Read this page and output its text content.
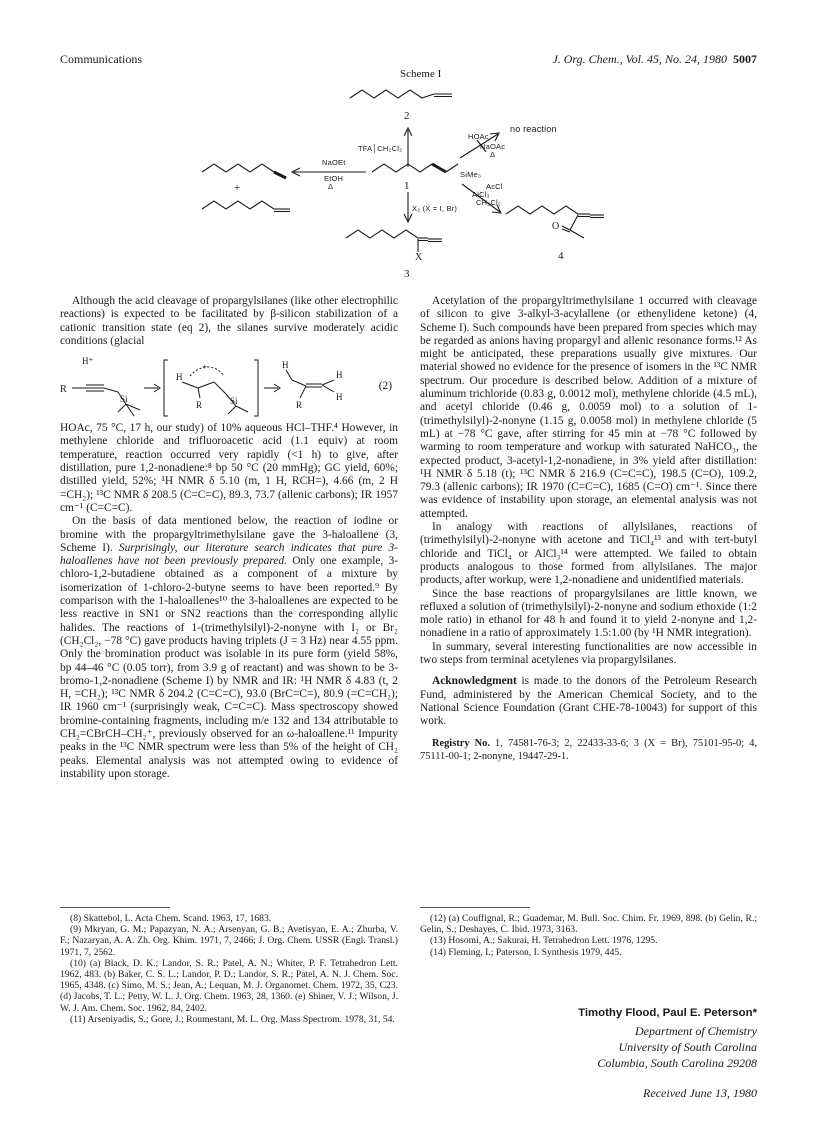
Communications	J. Org. Chem., Vol. 45, No. 24, 1980 5007
Scheme I
2
TFA│CH₂Cl₂
SiMe₃
NaOEt
EtOH
Δ
+	1
HOAc
NaOAc
Δ
no reaction
AcCl
AlCl₃
CH₂Cl₂
X₂ (X = I, Br)
X
O
3
4

Although the acid cleavage of propargylsilanes (like other electrophilic reactions) is expected to be facilitated by β-silicon stabilization of a cationic transition state (eq 2), the silanes survive moderately acidic conditions (glacial

H⁺
R
Si
H
+
R	Si
H
H
H
R
(2)

HOAc, 75 °C, 17 h, our study) of 10% aqueous HCl–THF.⁴ However, in methylene chloride and trifluoroacetic acid (1.1 equiv) at room temperature, reaction occurred very rapidly (<1 h) to give, after distillation, pure 1,2-nonadiene:⁸ bp 50 °C (20 mmHg); GC yield, 60%; distilled yield, 52%; ¹H NMR δ 5.10 (m, 1 H, RCH=), 4.66 (m, 2 H =CH₂); ¹³C NMR δ 208.5 (C=C=C), 89.3, 73.7 (allenic carbons); IR 1957 cm⁻¹ (C=C=C).

On the basis of data mentioned below, the reaction of iodine or bromine with the propargyltrimethylsilane gave the 3-haloallene (3, Scheme I). Surprisingly, our literature search indicates that pure 3-haloallenes have not been previously prepared. Only one example, 3-chloro-1,2-butadiene obtained as a component of a mixture by isomerization of 1-chloro-2-butyne seems to have been reported.⁹ By comparison with the 1-haloallenes¹⁰ the 3-haloallenes are expected to be less reactive in SN1 or SN2 reactions than the corresponding allylic halides. The reactions of 1-(trimethylsilyl)-2-nonyne with I₂ or Br₂ (CH₂Cl₂, −78 °C) gave products having triplets (J = 3 Hz) near 4.55 ppm. Only the bromination product was isolable in its pure form (yield 58%, bp 44–46 °C (0.05 torr), from 3.9 g of reactant) and was shown to be 3-bromo-1,2-nonadiene (Scheme I) by NMR and IR: ¹H NMR δ 4.83 (t, 2 H, =CH₂); ¹³C NMR δ 204.2 (C=C=C), 93.0 (BrC=C=), 80.9 (=C=CH₂); IR 1960 cm⁻¹ (surprisingly weak, C=C=C). Mass spectroscopy showed bromine-containing fragments, including m/e 132 and 134 attributable to CH₂=CBrCH–CH₂⁺, previously observed for an ω-haloallene.¹¹ Impurity peaks in the ¹³C NMR spectrum were less than 5% of the height of CH₂ peaks. Elemental analysis was not attempted owing to evidence of instability upon storage.

Acetylation of the propargyltrimethylsilane 1 occurred with cleavage of silicon to give 3-alkyl-3-acylallene (or ethenylidene ketone) (4, Scheme I). Such compounds have been prepared from species which may be regarded as anions having propargyl and allenic resonance forms.¹² As might be anticipated, these preparations usually give mixtures. Our material showed no evidence for the presence of isomers in the ¹³C NMR spectrum. Our procedure is described below. Addition of a mixture of aluminum trichloride (0.83 g, 0.0012 mol), methylene chloride (4.5 mL), and acetyl chloride (0.46 g, 0.0059 mol) to a solution of 1-(trimethylsilyl)-2-nonyne (1.15 g, 0.0058 mol) in methylene chloride (5 mL) at −78 °C gave, after stirring for 45 min at −78 °C followed by warming to room temperature and workup with saturated NaHCO₃, the expected product, 3-acetyl-1,2-nonadiene, in 3% yield after distillation: ¹H NMR δ 5.18 (t); ¹³C NMR δ 216.9 (C=C=C), 198.5 (C=O), 109.2, 79.3 (allenic carbons); IR 1970 (C=C=C), 1685 (C=O) cm⁻¹. Since there was evidence of instability upon storage, an elemental analysis was not attempted.

In analogy with reactions of allylsilanes, reactions of (trimethylsilyl)-2-nonyne with acetone and TiCl₄¹³ and with tert-butyl chloride and TiCl₄ or AlCl₃¹⁴ were attempted. We failed to obtain products analogous to those formed from allylsilanes. The major products, after workup, were 1,2-nonadiene and unidentified materials.

Since the base reactions of propargylsilanes are little known, we refluxed a solution of (trimethylsilyl)-2-nonyne and sodium ethoxide (1:2 mole ratio) in ethanol for 48 h and found it to yield 2-nonyne and 1,2-nonadiene in a ratio of approximately 1.5:1.00 (by ¹H NMR integration).

In summary, several interesting functionalities are now accessible in two steps from terminal acetylenes via propargylsilanes.

Acknowledgment is made to the donors of the Petroleum Research Fund, administered by the American Chemical Society, and to the National Science Foundation (Grant CHE-78-10043) for support of this work.

Registry No. 1, 74581-76-3; 2, 22433-33-6; 3 (X = Br), 75101-95-0; 4, 75111-00-1; 2-nonyne, 19447-29-1.

(8) Skattebol, L. Acta Chem. Scand. 1963, 17, 1683.

(9) Mkryan, G. M.; Papazyan, N. A.; Arsenyan, G. B.; Avetisyan, E. A.; Zhurba, V. F.; Nazaryan, A. A. Zh. Org. Khim. 1971, 7, 2466; J. Org. Chem. USSR (Engl. Transl.) 1971, 7, 2562.

(10) (a) Black, D. K.; Landor, S. R.; Patel, A. N.; Whiter, P. F. Tetrahedron Lett. 1962, 483. (b) Baker, C. S. L.; Landor, P. D.; Landor, S. R.; Patel, A. N. J. Chem. Soc. 1965, 4348. (c) Simo, M. S.; Jean, A.; Lequan, M. J. Organomet. Chem. 1972, 35, C23. (d) Jacobs, T. L.; Petty, W. L. J. Org. Chem. 1963, 28, 1360. (e) Shiner, V. J.; Wilson, J. W. J. Am. Chem. Soc. 1962, 84, 2402.

(11) Arseniyadis, S.; Gore, J.; Roumestant, M. L. Org. Mass Spectrom. 1978, 31, 54.

(12) (a) Couffignal, R.; Guademar, M. Bull. Soc. Chim. Fr. 1969, 898. (b) Gelin, R.; Gelin, S.; Deshayes, C. Ibid. 1973, 3163.

(13) Hosomi, A.; Sakurai, H. Tetrahedron Lett. 1976, 1295.

(14) Fleming, I.; Paterson, I. Synthesis 1979, 445.

Timothy Flood, Paul E. Peterson*
Department of Chemistry
University of South Carolina
Columbia, South Carolina 29208
Received June 13, 1980
